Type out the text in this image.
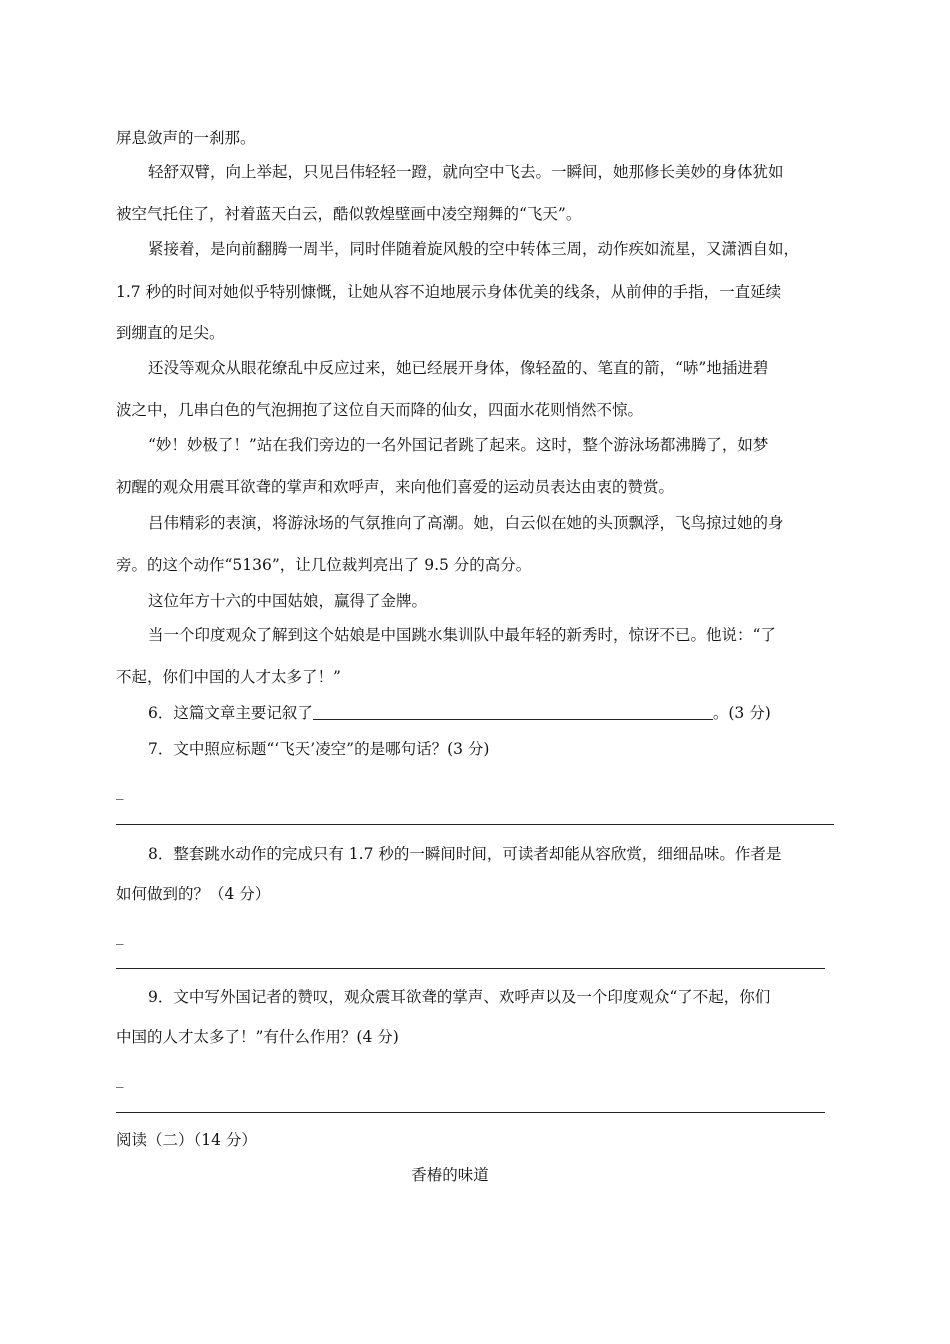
屏息敛声的一刹那。
轻舒双臂，向上举起，只见吕伟轻轻一蹬，就向空中飞去。一瞬间，她那修长美妙的身体犹如
被空气托住了，衬着蓝天白云，酷似敦煌壁画中凌空翔舞的“飞天”。
紧接着，是向前翻腾一周半，同时伴随着旋风般的空中转体三周，动作疾如流星，又潇洒自如，
1.7 秒的时间对她似乎特别慷慨，让她从容不迫地展示身体优美的线条，从前伸的手指，一直延续
到绷直的足尖。
还没等观众从眼花缭乱中反应过来，她已经展开身体，像轻盈的、笔直的箭，“哧”地插进碧
波之中，几串白色的气泡拥抱了这位自天而降的仙女，四面水花则悄然不惊。
“妙！妙极了！”站在我们旁边的一名外国记者跳了起来。这时，整个游泳场都沸腾了，如梦
初醒的观众用震耳欲聋的掌声和欢呼声，来向他们喜爱的运动员表达由衷的赞赏。
吕伟精彩的表演，将游泳场的气氛推向了高潮。她，白云似在她的头顶飘浮，飞鸟掠过她的身
旁。的这个动作“5136”，让几位裁判亮出了 9.5 分的高分。
这位年方十六的中国姑娘，赢得了金牌。
当一个印度观众了解到这个姑娘是中国跳水集训队中最年轻的新秀时，惊讶不已。他说：“了
不起，你们中国的人才太多了！”
6．这篇文章主要记叙了	。(3 分)
7．文中照应标题“‘飞天’凌空”的是哪句话？(3 分)
_
8．整套跳水动作的完成只有 1.7 秒的一瞬间时间，可读者却能从容欣赏，细细品味。作者是
如何做到的？（4 分）
_
9．文中写外国记者的赞叹，观众震耳欲聋的掌声、欢呼声以及一个印度观众“了不起，你们
中国的人才太多了！”有什么作用？(4 分)
_
阅读（二）（14 分）
香椿的味道
